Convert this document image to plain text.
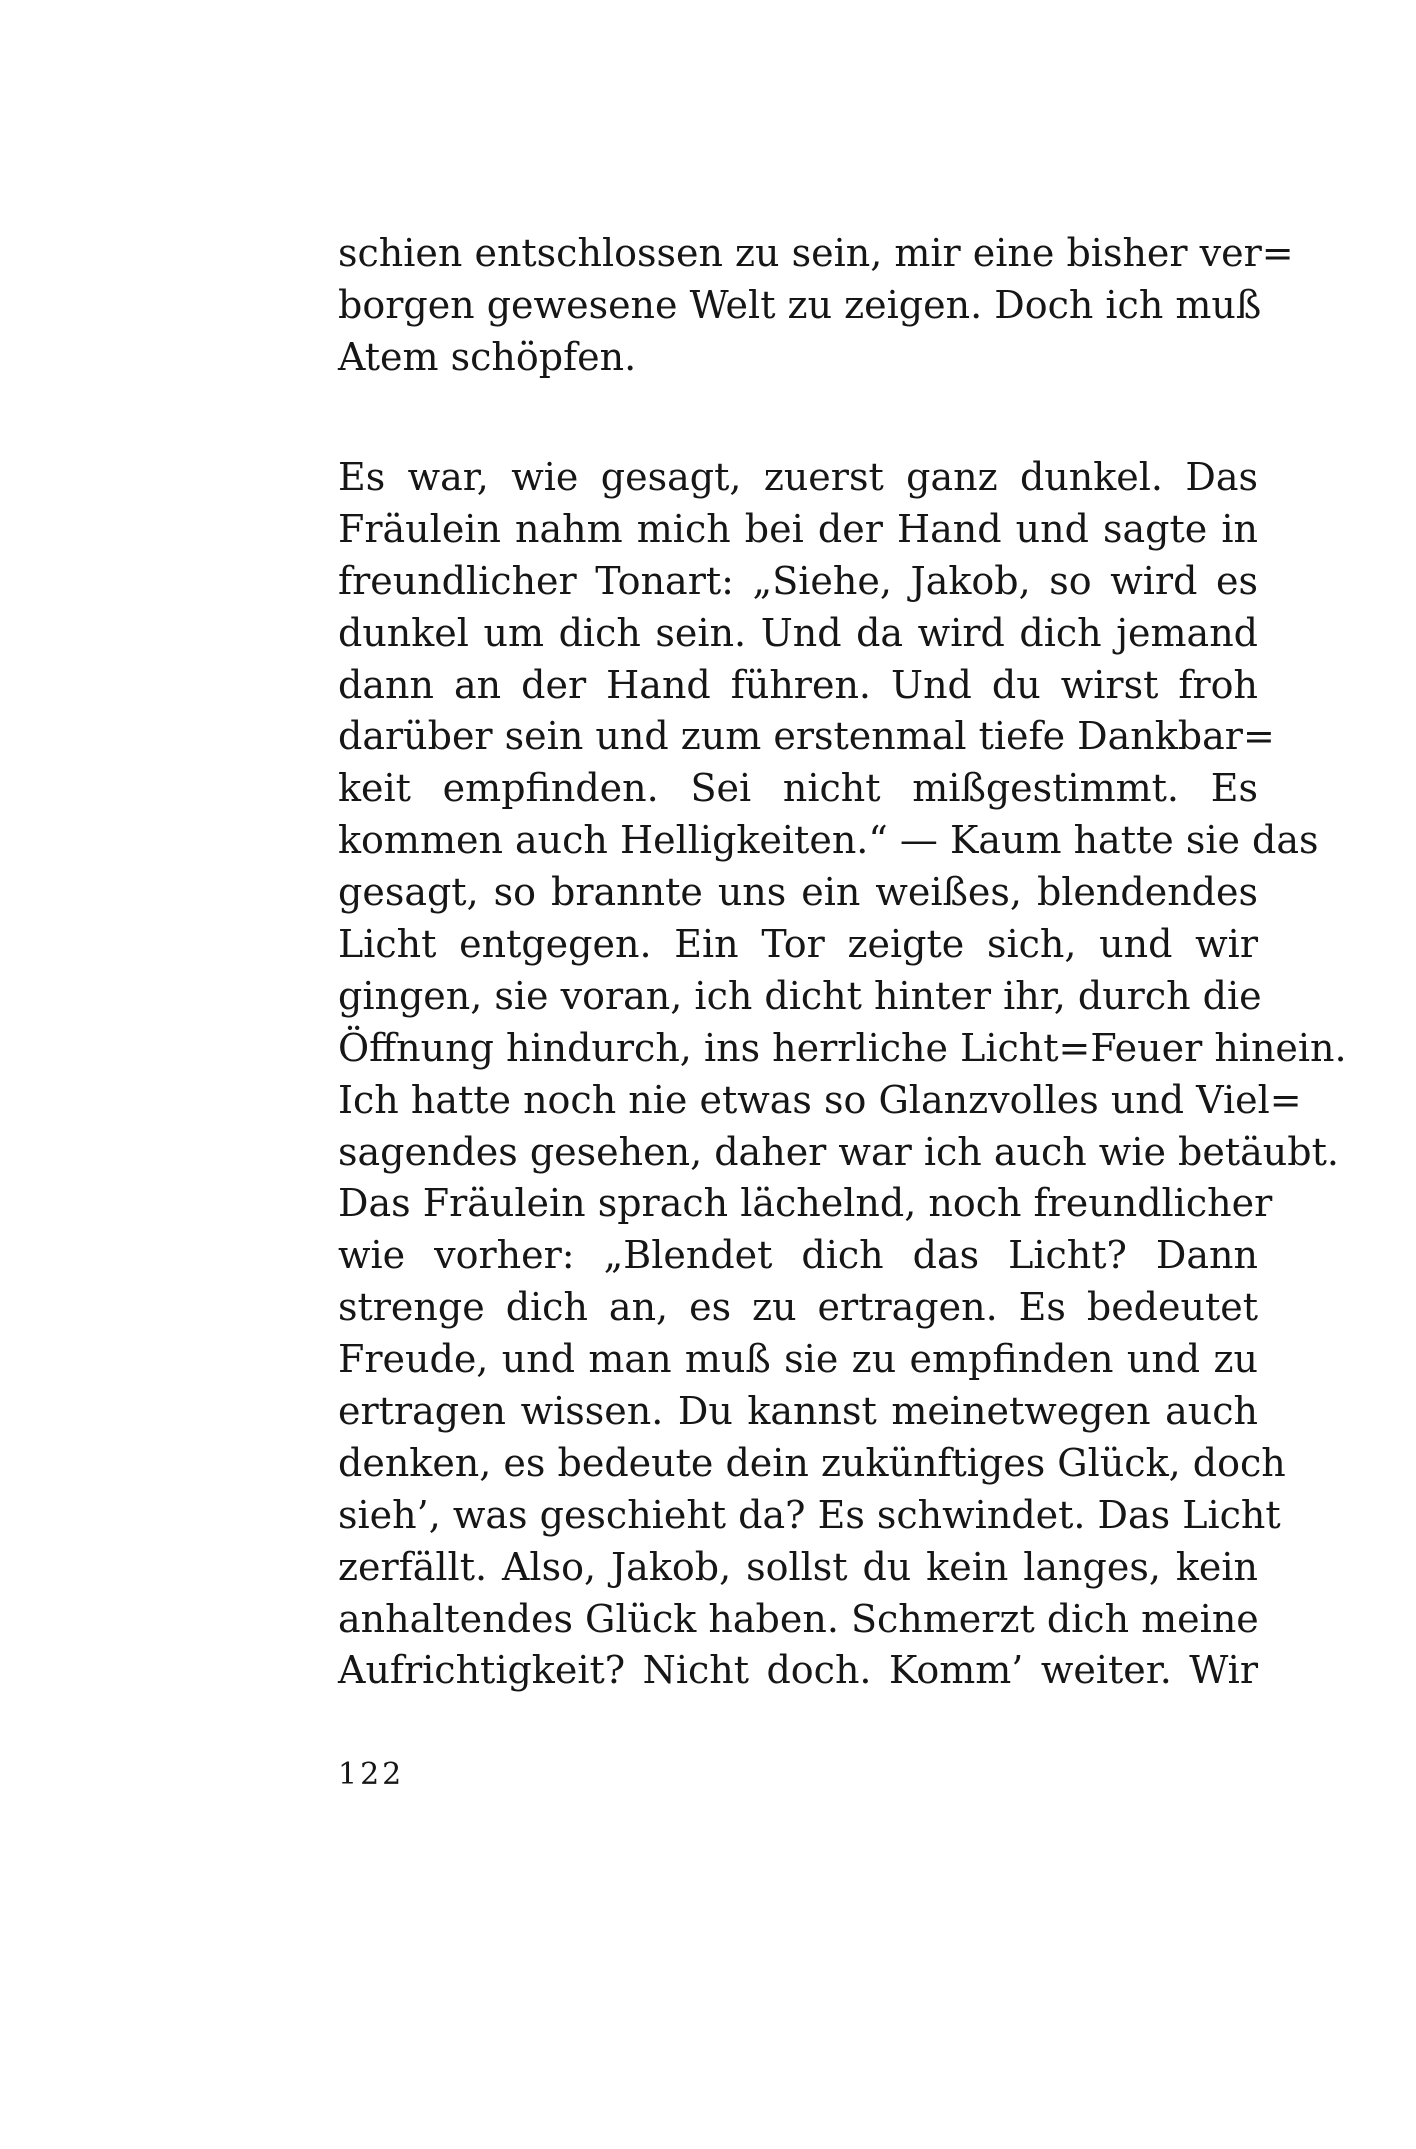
schien entschlossen zu sein, mir eine bisher ver=
borgen gewesene Welt zu zeigen. Doch ich muß
Atem schöpfen.
Es war, wie gesagt, zuerst ganz dunkel. Das
Fräulein nahm mich bei der Hand und sagte in
freundlicher Tonart: „Siehe, Jakob, so wird es
dunkel um dich sein. Und da wird dich jemand
dann an der Hand führen. Und du wirst froh
darüber sein und zum erstenmal tiefe Dankbar=
keit empfinden. Sei nicht mißgestimmt. Es
kommen auch Helligkeiten.“ — Kaum hatte sie das
gesagt, so brannte uns ein weißes, blendendes
Licht entgegen. Ein Tor zeigte sich, und wir
gingen, sie voran, ich dicht hinter ihr, durch die
Öffnung hindurch, ins herrliche Licht=Feuer hinein.
Ich hatte noch nie etwas so Glanzvolles und Viel=
sagendes gesehen, daher war ich auch wie betäubt.
Das Fräulein sprach lächelnd, noch freundlicher
wie vorher: „Blendet dich das Licht? Dann
strenge dich an, es zu ertragen. Es bedeutet
Freude, und man muß sie zu empfinden und zu
ertragen wissen. Du kannst meinetwegen auch
denken, es bedeute dein zukünftiges Glück, doch
sieh’, was geschieht da? Es schwindet. Das Licht
zerfällt. Also, Jakob, sollst du kein langes, kein
anhaltendes Glück haben. Schmerzt dich meine
Aufrichtigkeit? Nicht doch. Komm’ weiter. Wir
122
